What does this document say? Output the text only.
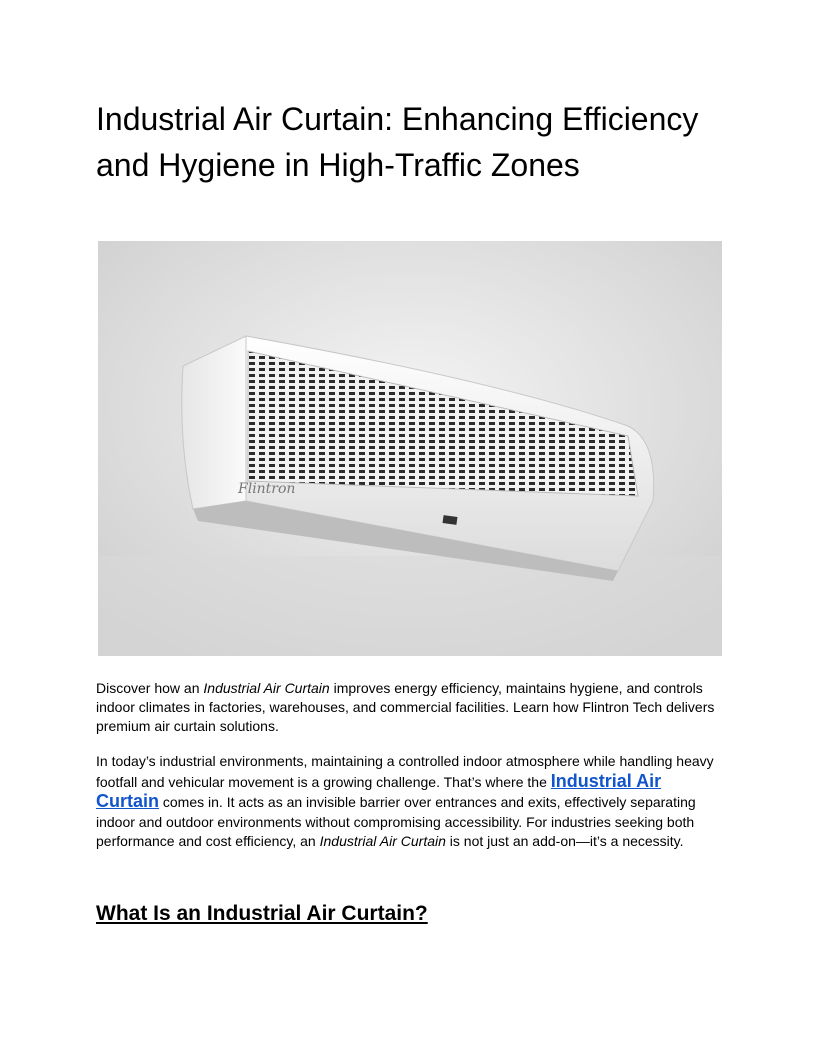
Industrial Air Curtain: Enhancing Efficiency and Hygiene in High-Traffic Zones
Flintron

Discover how an Industrial Air Curtain improves energy efficiency, maintains hygiene, and controls indoor climates in factories, warehouses, and commercial facilities. Learn how Flintron Tech delivers premium air curtain solutions.

In today’s industrial environments, maintaining a controlled indoor atmosphere while handling heavy footfall and vehicular movement is a growing challenge. That’s where the Industrial Air Curtain comes in. It acts as an invisible barrier over entrances and exits, effectively separating indoor and outdoor environments without compromising accessibility. For industries seeking both performance and cost efficiency, an Industrial Air Curtain is not just an add-on—it’s a necessity.

What Is an Industrial Air Curtain?
